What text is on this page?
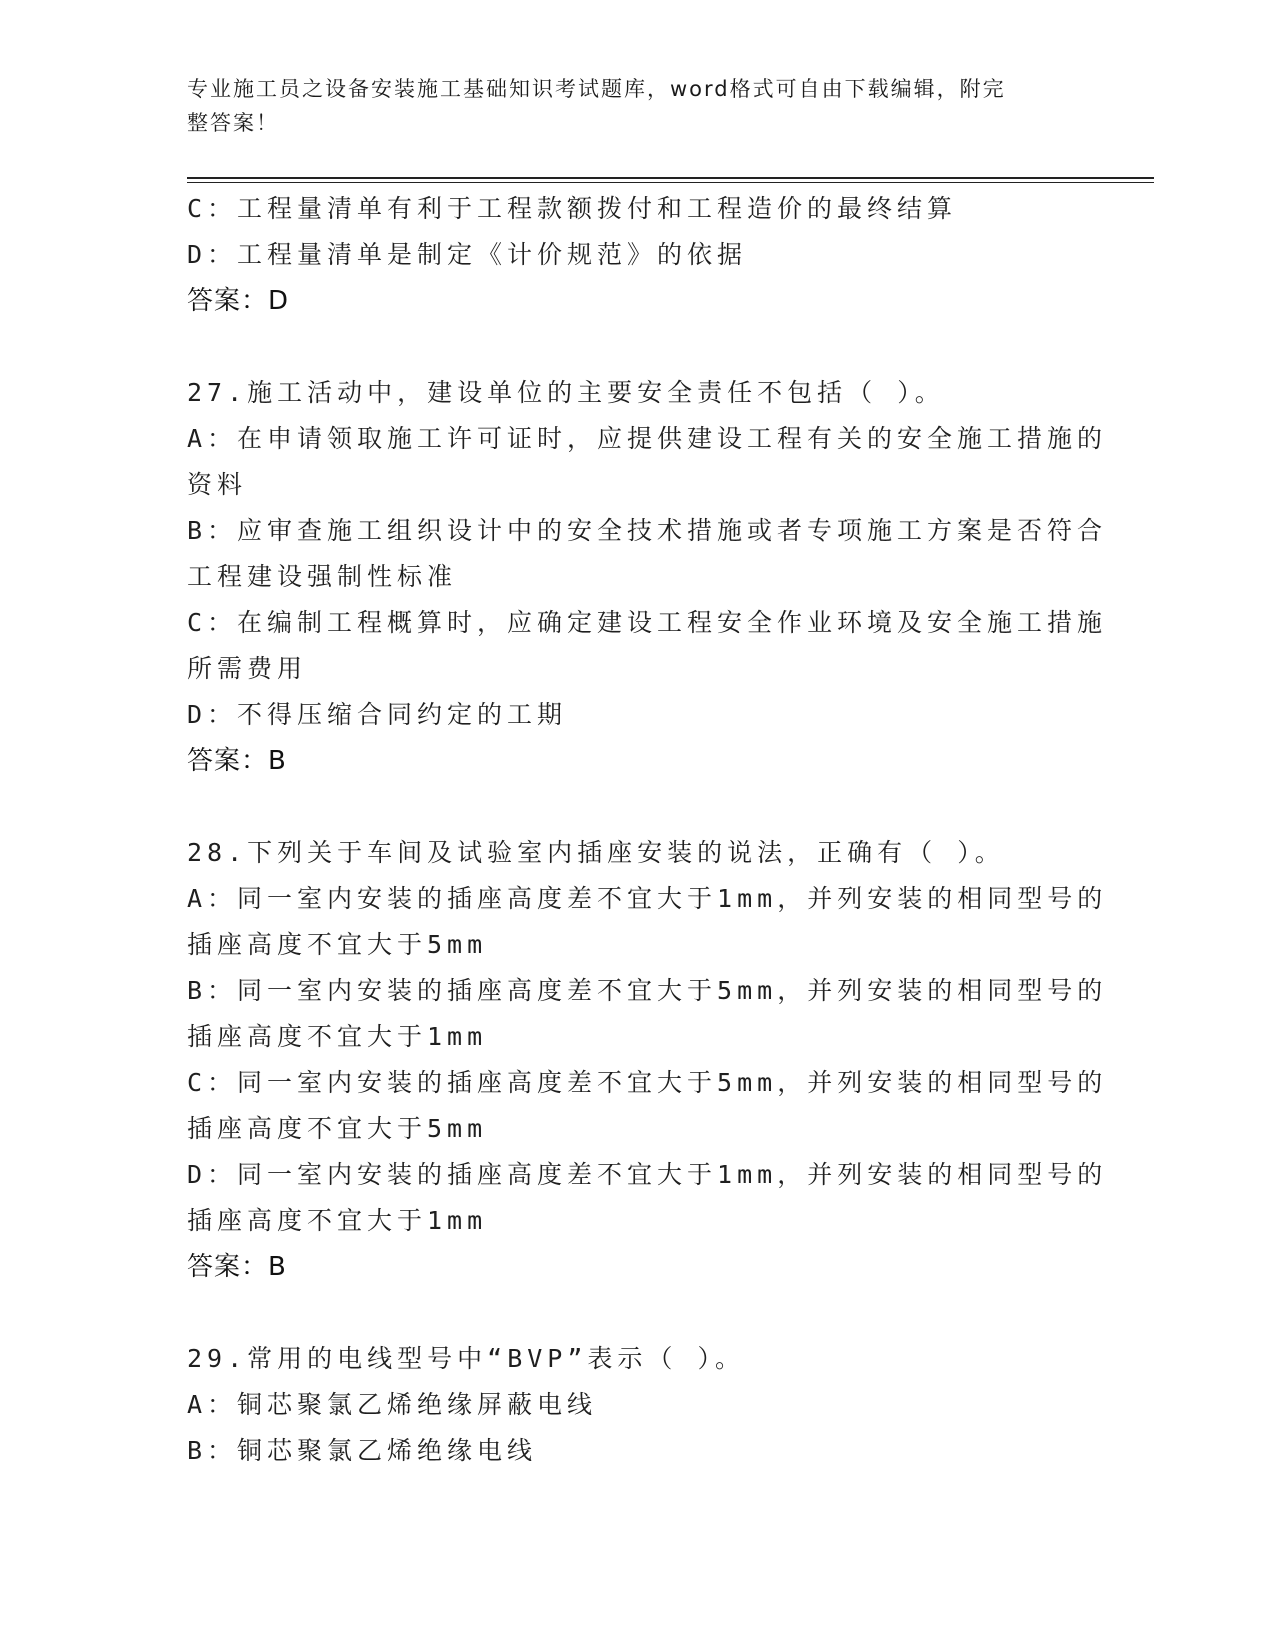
专业施工员之设备安装施工基础知识考试题库，word格式可自由下载编辑，附完
整答案！

C：工程量清单有利于工程款额拨付和工程造价的最终结算

D：工程量清单是制定《计价规范》的依据

答案：D

27.施工活动中，建设单位的主要安全责任不包括（ ）。

A：在申请领取施工许可证时，应提供建设工程有关的安全施工措施的

资料

B：应审查施工组织设计中的安全技术措施或者专项施工方案是否符合

工程建设强制性标准

C：在编制工程概算时，应确定建设工程安全作业环境及安全施工措施

所需费用

D：不得压缩合同约定的工期

答案：B

28.下列关于车间及试验室内插座安装的说法，正确有（ ）。

A：同一室内安装的插座高度差不宜大于1mm，并列安装的相同型号的

插座高度不宜大于5mm

B：同一室内安装的插座高度差不宜大于5mm，并列安装的相同型号的

插座高度不宜大于1mm

C：同一室内安装的插座高度差不宜大于5mm，并列安装的相同型号的

插座高度不宜大于5mm

D：同一室内安装的插座高度差不宜大于1mm，并列安装的相同型号的

插座高度不宜大于1mm

答案：B

29.常用的电线型号中“BVP”表示（ ）。

A：铜芯聚氯乙烯绝缘屏蔽电线

B：铜芯聚氯乙烯绝缘电线
